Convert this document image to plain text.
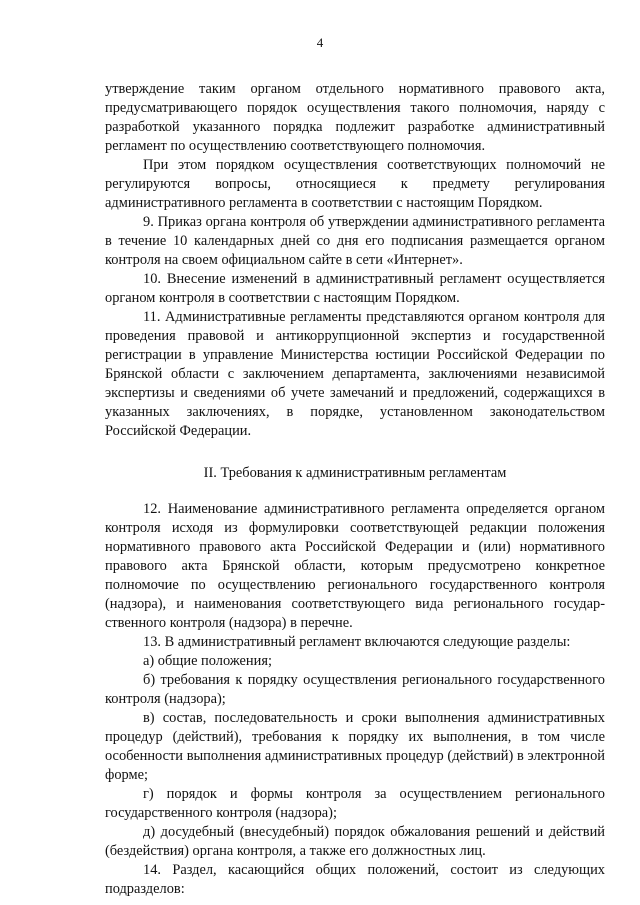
4

утверждение таким органом отдельного нормативного правового акта, предусматривающего порядок осуществления такого полномочия, наряду с разработкой указанного порядка подлежит разработке административный регламент по осуществлению соответствующего полномочия.

При этом порядком осуществления соответствующих полномочий не регулируются вопросы, относящиеся к предмету регулирования административного регламента в соответствии с настоящим Порядком.

9. Приказ органа контроля об утверждении административного регламента в течение 10 календарных дней со дня его подписания размещается органом контроля на своем официальном сайте в сети «Интернет».

10. Внесение изменений в административный регламент осуществляется органом контроля в соответствии с настоящим Порядком.

11. Административные регламенты представляются органом контроля для проведения правовой и антикоррупционной экспертиз и государственной регистрации в управление Министерства юстиции Российской Федерации по Брянской области с заключением департамента, заключениями независимой экспертизы и сведениями об учете замечаний и предложений, содержащихся в указанных заключениях, в порядке, установленном законодательством Российской Федерации.

II. Требования к административным регламентам

12. Наименование административного регламента определяется органом контроля исходя из формулировки соответствующей редакции положения нормативного правового акта Российской Федерации и (или) нормативного правового акта Брянской области, которым предусмотрено конкретное полномочие по осуществлению регионального государственного контроля (надзора), и наименования соответствующего вида регионального государ-ственного контроля (надзора) в перечне.

13. В административный регламент включаются следующие разделы:

а) общие положения;

б) требования к порядку осуществления регионального государственного контроля (надзора);

в) состав, последовательность и сроки выполнения административных процедур (действий), требования к порядку их выполнения, в том числе особенности выполнения административных процедур (действий) в электронной форме;

г) порядок и формы контроля за осуществлением регионального государственного контроля (надзора);

д) досудебный (внесудебный) порядок обжалования решений и действий (бездействия) органа контроля, а также его должностных лиц.

14. Раздел, касающийся общих положений, состоит из следующих подразделов:
